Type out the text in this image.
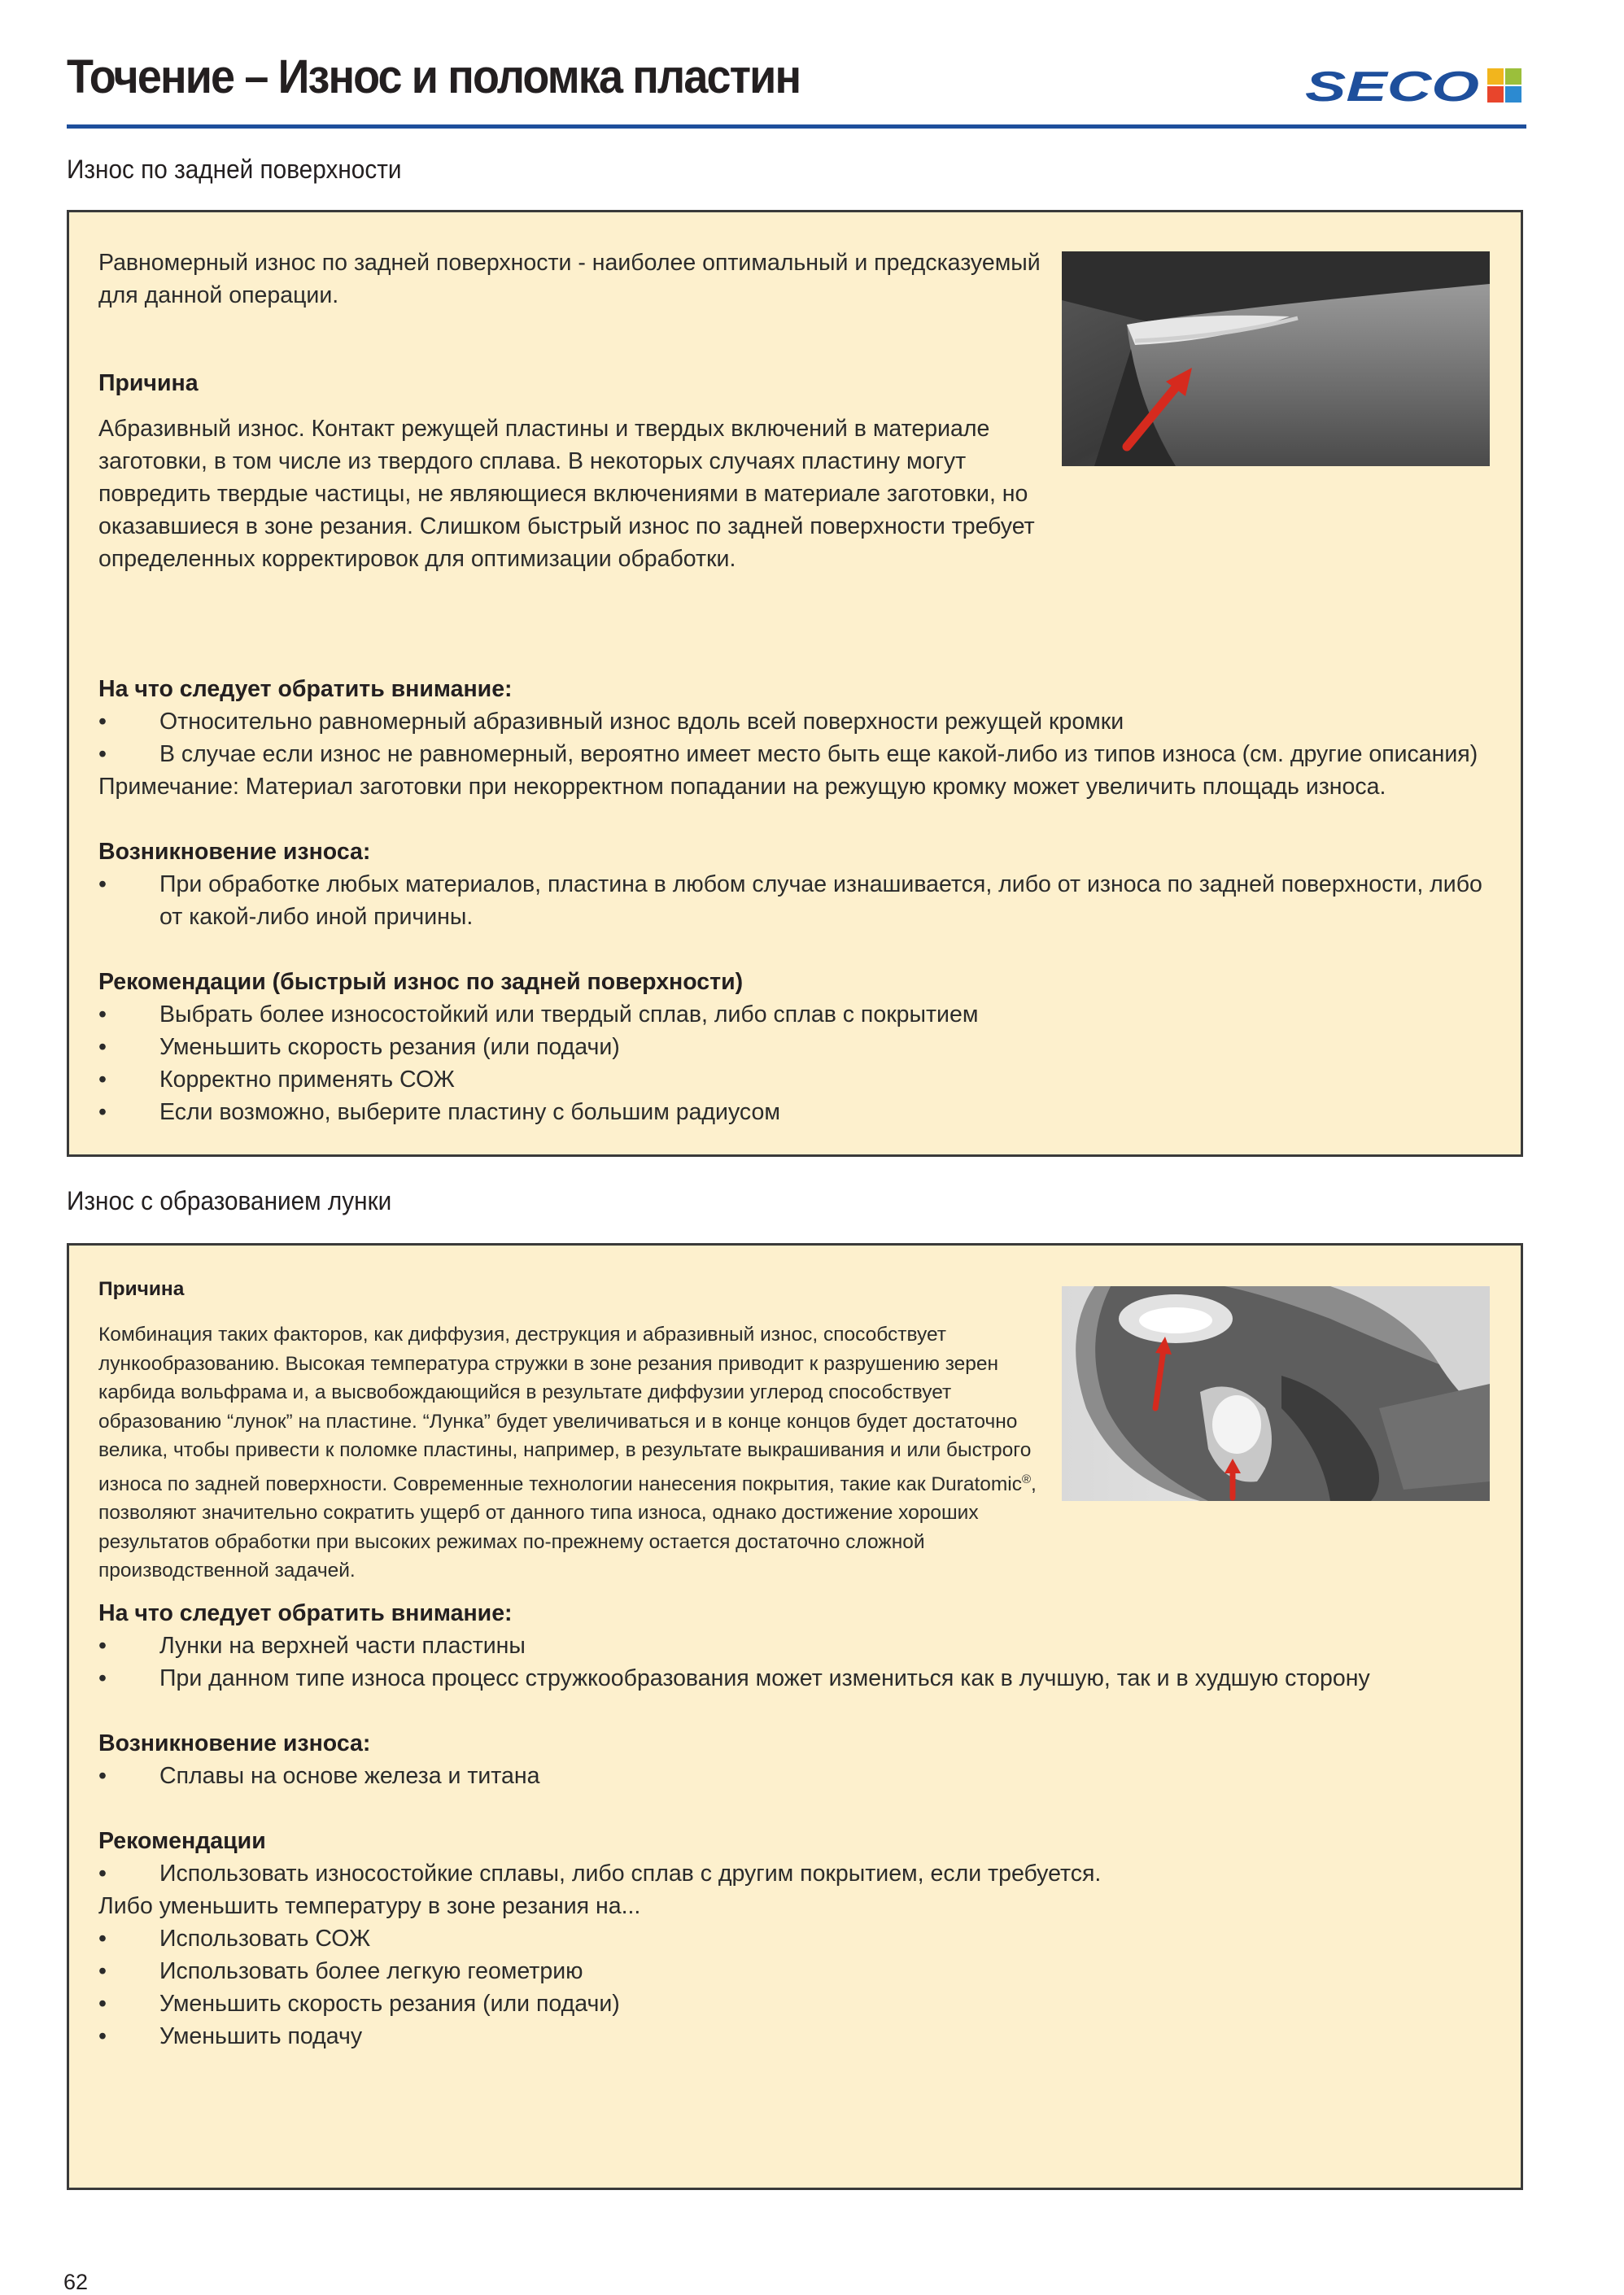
Точение – Износ и поломка пластин	SECO
Износ по задней поверхности
Равномерный износ по задней поверхности - наиболее оптимальный и предсказуемый для данной операции.
Причина
Абразивный износ. Контакт режущей пластины и твердых включений в материале заготовки, в том числе из твердого сплава. В некоторых случаях пластину могут повредить твердые частицы, не являющиеся включениями в материале заготовки, но оказавшиеся в зоне резания. Слишком быстрый износ по задней поверхности требует определенных корректировок для оптимизации обработки.
На что следует обратить внимание:
• Относительно равномерный абразивный износ вдоль всей поверхности режущей кромки
• В случае если износ не равномерный, вероятно имеет место быть еще какой-либо из типов износа (см. другие описания)
Примечание: Материал заготовки при некорректном попадании на режущую кромку может увеличить площадь износа.
Возникновение износа:
• При обработке любых материалов, пластина в любом случае изнашивается, либо от износа по задней поверхности, либо от какой-либо иной причины.
Рекомендации (быстрый износ по задней поверхности)
• Выбрать более износостойкий или твердый сплав, либо сплав с покрытием
• Уменьшить скорость резания (или подачи)
• Корректно применять СОЖ
• Если возможно, выберите пластину с большим радиусом
Износ с образованием лунки
Причина
Комбинация таких факторов, как диффузия, деструкция и абразивный износ, способствует лункообразованию. Высокая температура стружки в зоне резания приводит к разрушению зерен карбида вольфрама и, а высвобождающийся в результате диффузии углерод способствует образованию “лунок” на пластине. “Лунка” будет увеличиваться и в конце концов будет достаточно велика, чтобы привести к поломке пластины, например, в результате выкрашивания и или быстрого износа по задней поверхности. Современные технологии нанесения покрытия, такие как Duratomic®, позволяют значительно сократить ущерб от данного типа износа, однако достижение хороших результатов обработки при высоких режимах по-прежнему остается достаточно сложной производственной задачей.
На что следует обратить внимание:
• Лунки на верхней части пластины
• При данном типе износа процесс стружкообразования может измениться как в лучшую, так и в худшую сторону
Возникновение износа:
• Сплавы на основе железа и титана
Рекомендации
• Использовать износостойкие сплавы, либо сплав с другим покрытием, если требуется.
Либо уменьшить температуру в зоне резания на...
• Использовать СОЖ
• Использовать более легкую геометрию
• Уменьшить скорость резания (или подачи)
• Уменьшить подачу
62
